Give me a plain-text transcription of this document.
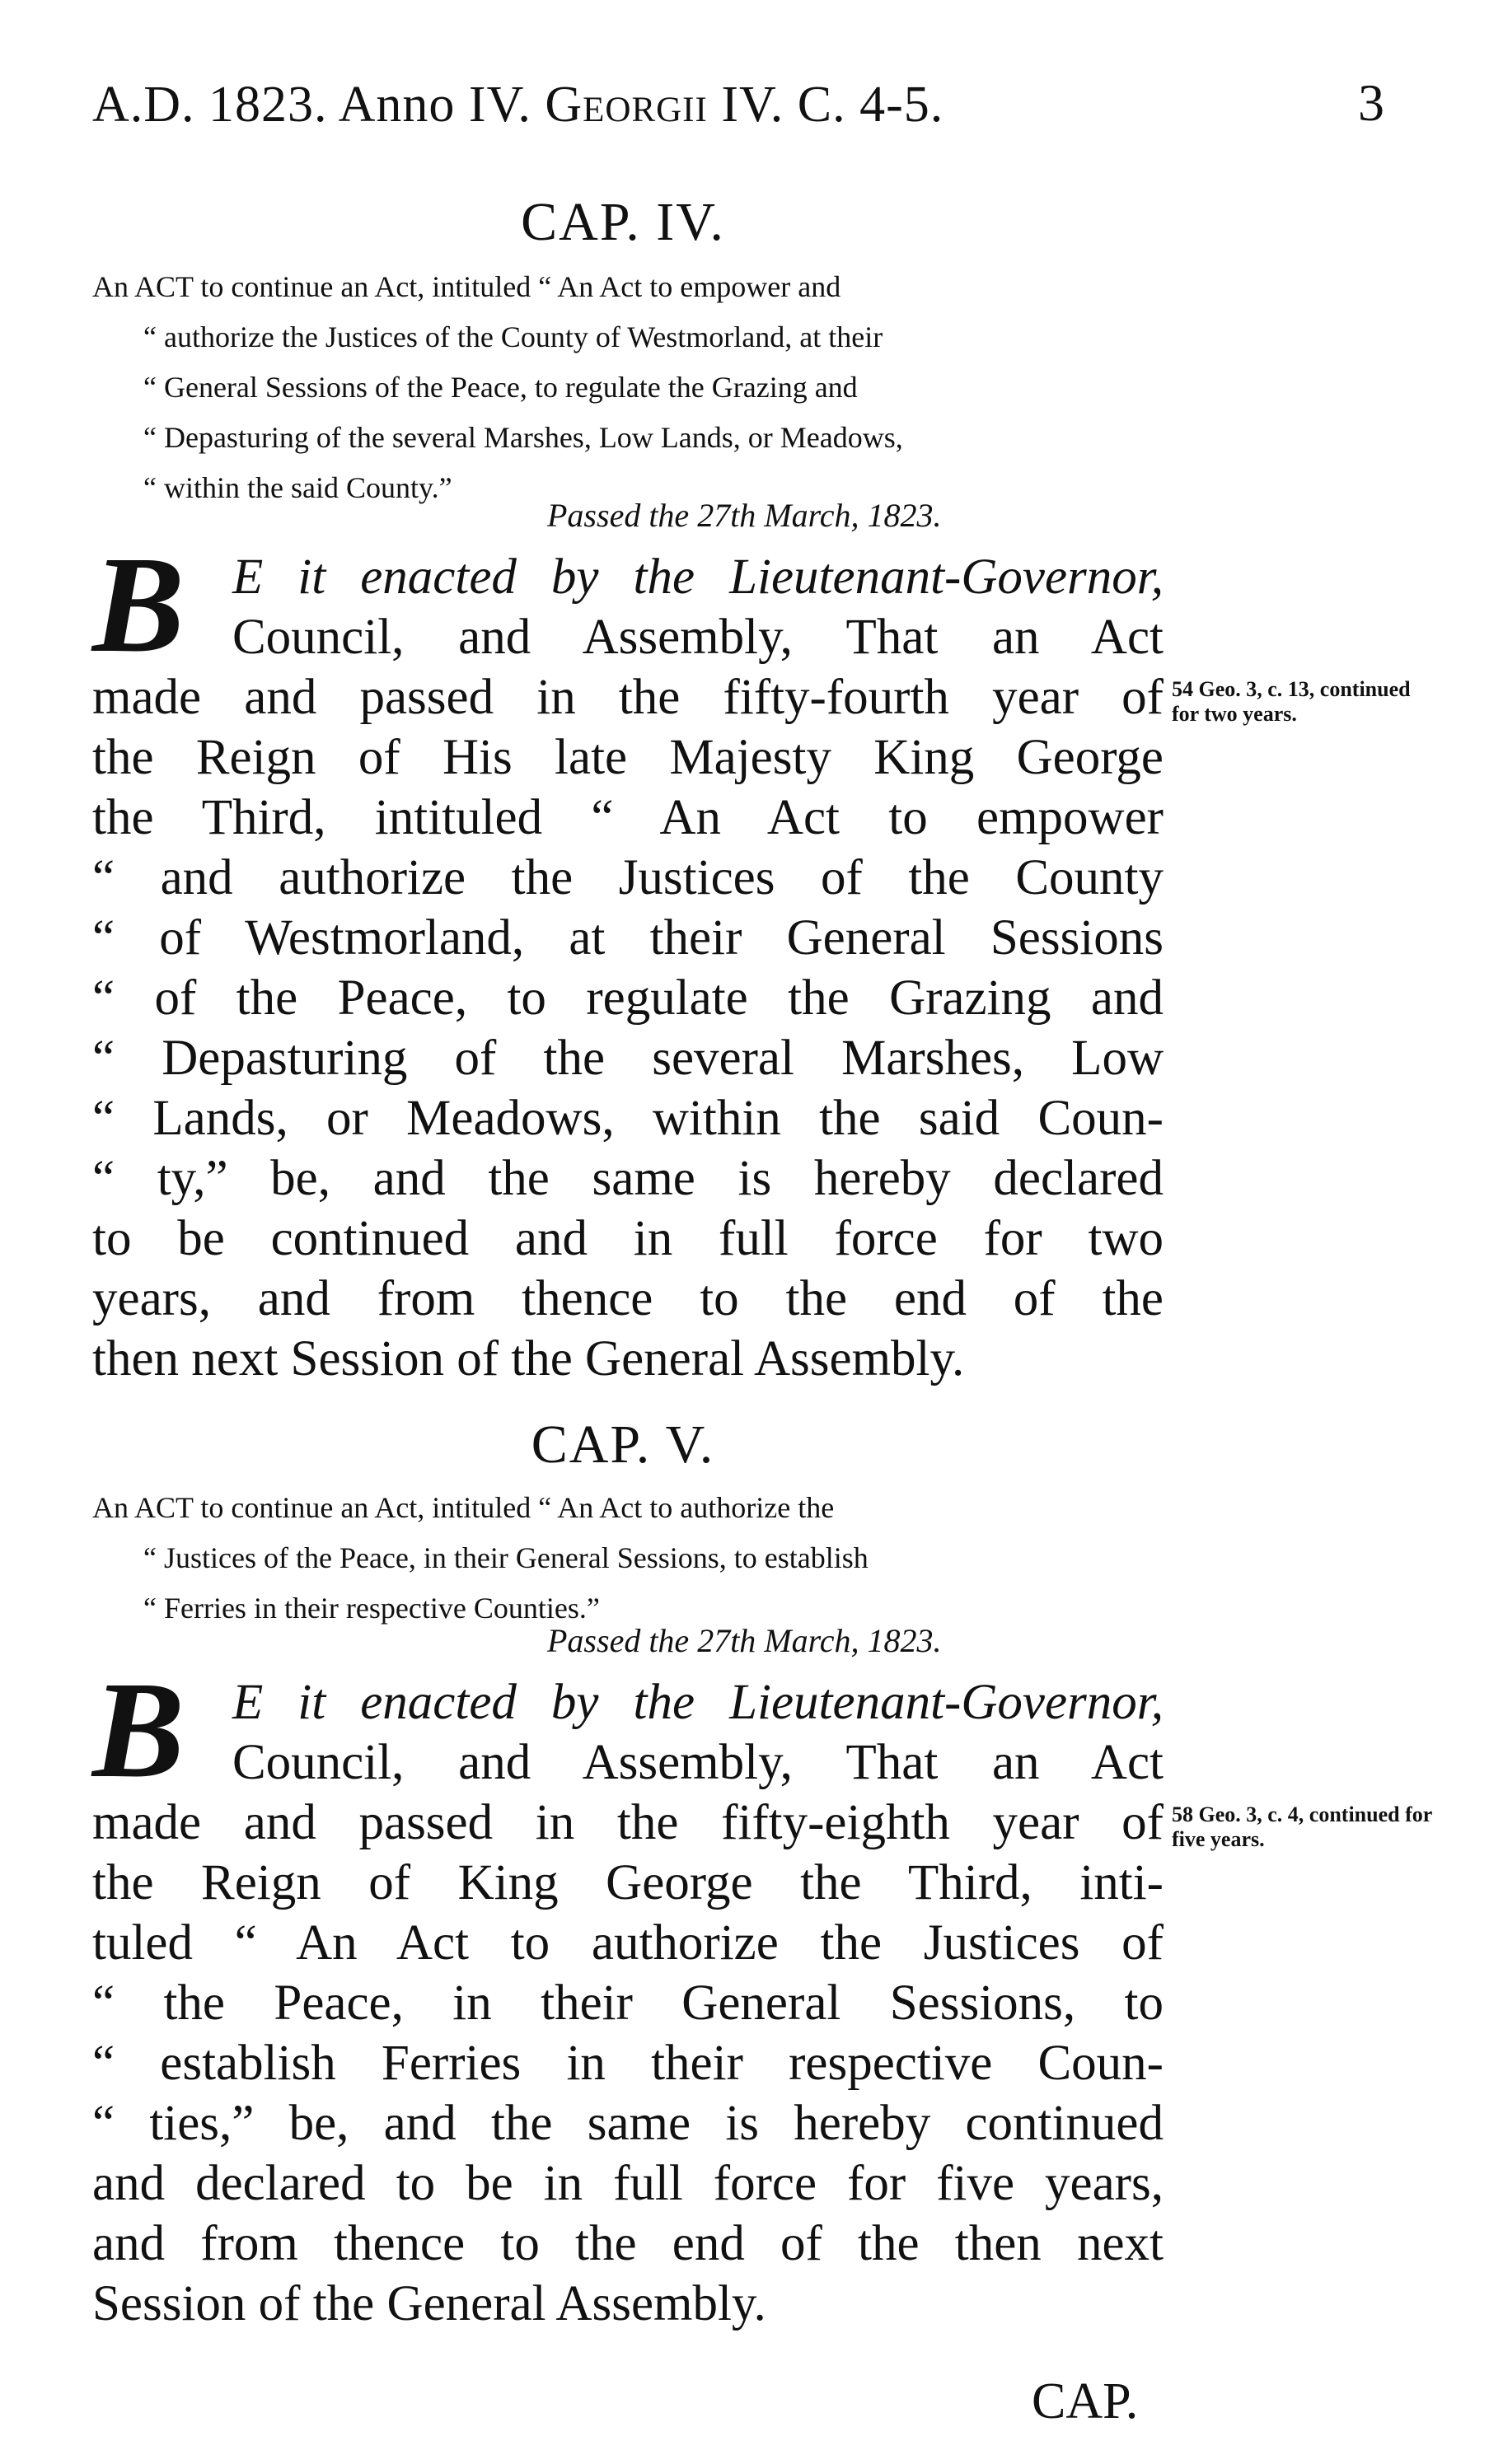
A.D. 1823. Anno IV. Georgii IV. C. 4-5.	3
CAP. IV.
An ACT to continue an Act, intituled “ An Act to empower and
“ authorize the Justices of the County of Westmorland, at their
“ General Sessions of the Peace, to regulate the Grazing and
“ Depasturing of the several Marshes, Low Lands, or Meadows,
“ within the said County.”
Passed the 27th March, 1823.
B E it enacted by the Lieutenant-Governor,
Council, and Assembly, That an Act
made and passed in the fifty-fourth year of
the Reign of His late Majesty King George
the Third, intituled “ An Act to empower
“ and authorize the Justices of the County
“ of Westmorland, at their General Sessions
“ of the Peace, to regulate the Grazing and
“ Depasturing of the several Marshes, Low
“ Lands, or Meadows, within the said Coun-
“ ty,” be, and the same is hereby declared
to be continued and in full force for two
years, and from thence to the end of the
then next Session of the General Assembly.
54 Geo. 3, c. 13, continued for two years.
CAP. V.
An ACT to continue an Act, intituled “ An Act to authorize the
“ Justices of the Peace, in their General Sessions, to establish
“ Ferries in their respective Counties.”
Passed the 27th March, 1823.
B E it enacted by the Lieutenant-Governor,
Council, and Assembly, That an Act
made and passed in the fifty-eighth year of
the Reign of King George the Third, inti-
tuled “ An Act to authorize the Justices of
“ the Peace, in their General Sessions, to
“ establish Ferries in their respective Coun-
“ ties,” be, and the same is hereby continued
and declared to be in full force for five years,
and from thence to the end of the then next
Session of the General Assembly.
58 Geo. 3, c. 4, continued for five years.
CAP.
